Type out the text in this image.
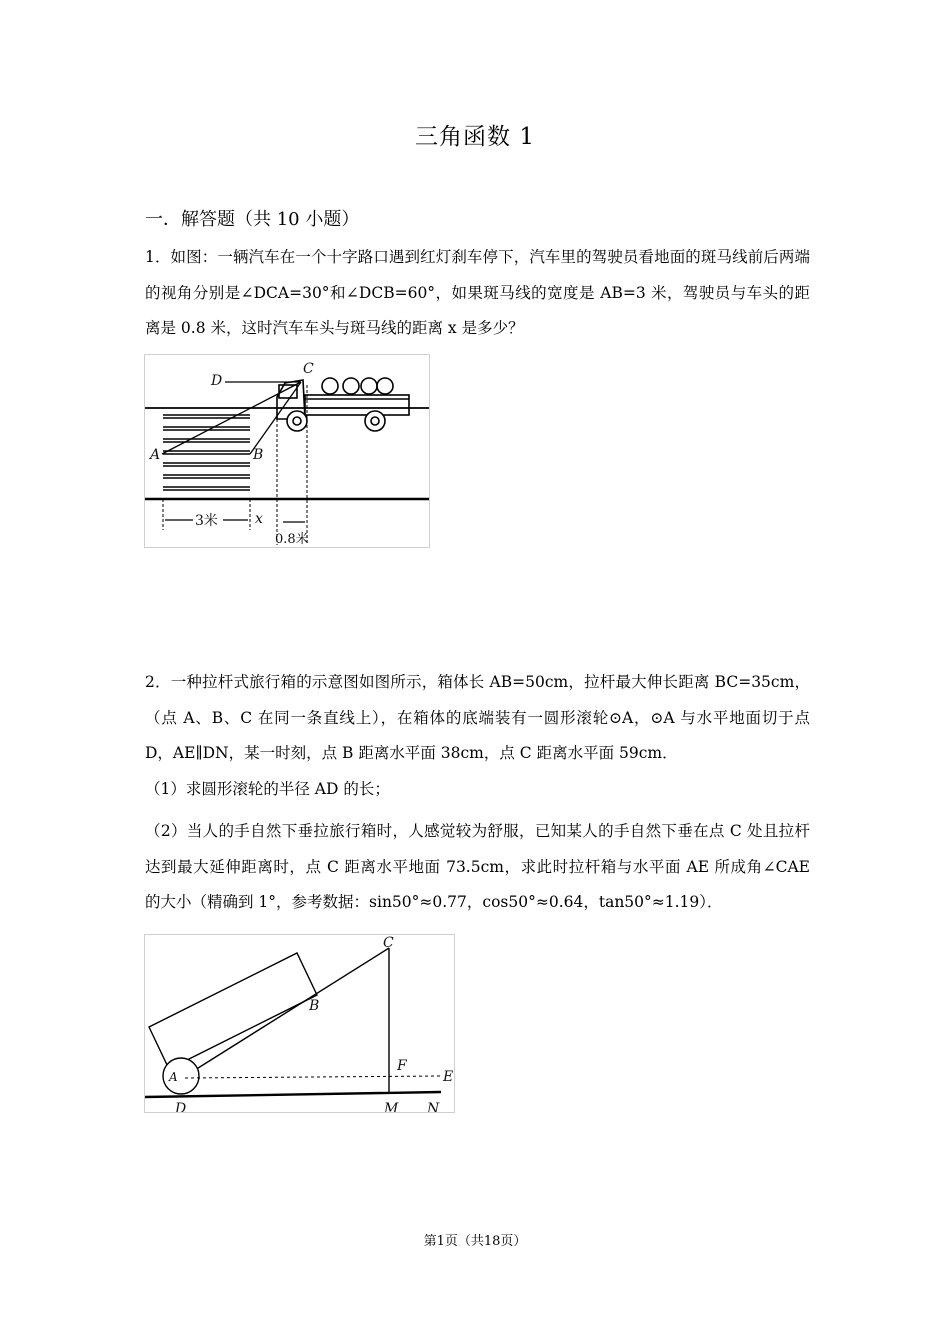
三角函数 1
一．解答题（共 10 小题）
1．如图：一辆汽车在一个十字路口遇到红灯刹车停下，汽车里的驾驶员看地面的斑马线前后两端的视角分别是∠DCA=30°和∠DCB=60°，如果斑马线的宽度是 AB=3 米，驾驶员与车头的距离是 0.8 米，这时汽车车头与斑马线的距离 x 是多少？
C
D
A	B
3米	x
0.8米
2．一种拉杆式旅行箱的示意图如图所示，箱体长 AB=50cm，拉杆最大伸长距离 BC=35cm，（点 A、B、C 在同一条直线上），在箱体的底端装有一圆形滚轮⊙A，⊙A 与水平地面切于点 D，AE∥DN，某一时刻，点 B 距离水平面 38cm，点 C 距离水平面 59cm．
（1）求圆形滚轮的半径 AD 的长；
（2）当人的手自然下垂拉旅行箱时，人感觉较为舒服，已知某人的手自然下垂在点 C 处且拉杆达到最大延伸距离时，点 C 距离水平地面 73.5cm，求此时拉杆箱与水平面 AE 所成角∠CAE 的大小（精确到 1°，参考数据：sin50°≈0.77，cos50°≈0.64，tan50°≈1.19）．
C
B
A
D
F
E
M N
第1页（共18页）
